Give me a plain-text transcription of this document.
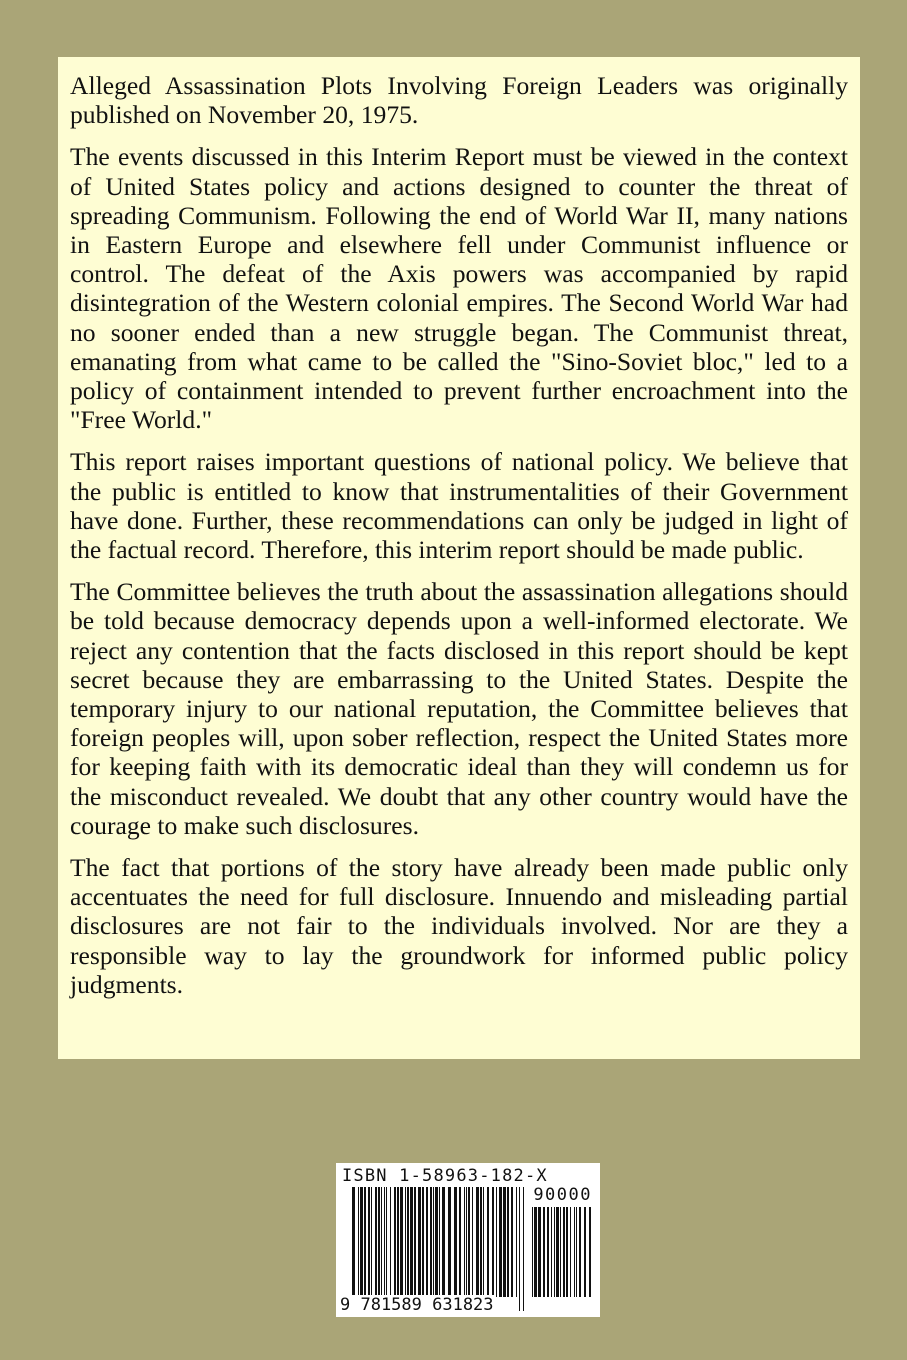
Alleged Assassination Plots Involving Foreign Leaders was originally published on November 20, 1975.

The events discussed in this Interim Report must be viewed in the context of United States policy and actions designed to counter the threat of spreading Communism. Following the end of World War II, many nations in Eastern Europe and elsewhere fell under Communist influence or control. The defeat of the Axis powers was accompanied by rapid disintegration of the Western colonial empires. The Second World War had no sooner ended than a new struggle began. The Communist threat, emanating from what came to be called the "Sino-Soviet bloc," led to a policy of containment intended to prevent further encroachment into the "Free World."

This report raises important questions of national policy. We believe that the public is entitled to know that instrumentalities of their Government have done. Further, these recommendations can only be judged in light of the factual record. Therefore, this interim report should be made public.

The Committee believes the truth about the assassination allegations should be told because democracy depends upon a well-informed electorate. We reject any contention that the facts disclosed in this report should be kept secret because they are embarrassing to the United States. Despite the temporary injury to our national reputation, the Committee believes that foreign peoples will, upon sober reflection, respect the United States more for keeping faith with its democratic ideal than they will condemn us for the misconduct revealed. We doubt that any other country would have the courage to make such disclosures.

The fact that portions of the story have already been made public only accentuates the need for full disclosure. Innuendo and misleading partial disclosures are not fair to the individuals involved. Nor are they a responsible way to lay the groundwork for informed public policy judgments.

ISBN 1-58963-182-X
90000
9 781589 631823
